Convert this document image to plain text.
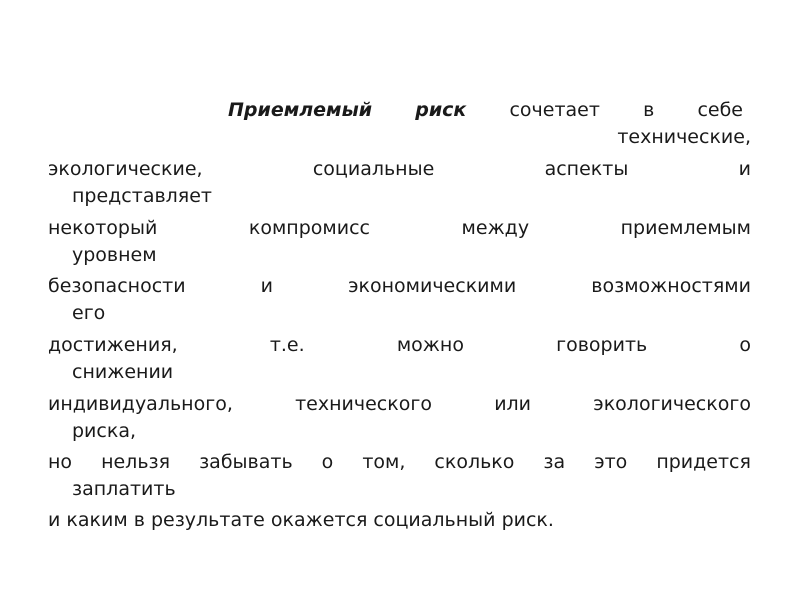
Приемлемый риск сочетает в себе
технические,
экологические,	социальные	аспекты	и
представляет
некоторый	компромисс	между	приемлемым
уровнем
безопасности	и	экономическими	возможностями
его
достижения,	т.е.	можно	говорить	о
снижении
индивидуального,	технического	или	экологического
риска,
но нельзя забывать о том, сколько за это придется
заплатить
и каким в результате окажется социальный риск.
